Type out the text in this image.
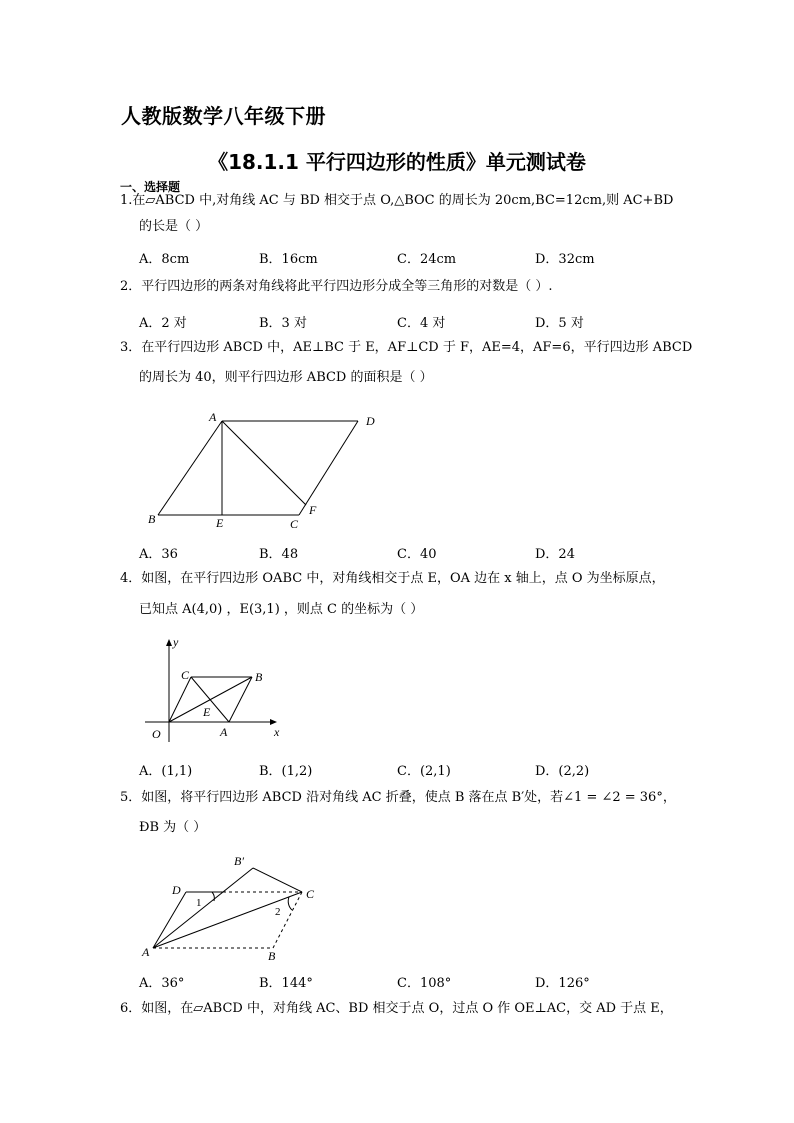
人教版数学八年级下册
《18.1.1 平行四边形的性质》单元测试卷
一、选择题
1.在▱ABCD 中,对角线 AC 与 BD 相交于点 O,△BOC 的周长为 20cm,BC=12cm,则 AC+BD
的长是（ ）
A．8cm	B．16cm	C．24cm	D．32cm
2．平行四边形的两条对角线将此平行四边形分成全等三角形的对数是（ ）.
A．2 对	B．3 对	C．4 对	D．5 对
3．在平行四边形 ABCD 中，AE⊥BC 于 E，AF⊥CD 于 F，AE=4，AF=6，平行四边形 ABCD
的周长为 40，则平行四边形 ABCD 的面积是（ ）
A	D
B	E	C
F
A．36	B．48	C．40	D．24
4．如图，在平行四边形 OABC 中，对角线相交于点 E，OA 边在 x 轴上，点 O 为坐标原点，
已知点 A(4,0) ，E(3,1) ，则点 C 的坐标为（ ）
y
C	B
E
O	A	x
A．(1,1)	B．(1,2)	C．(2,1)	D．(2,2)
5．如图，将平行四边形 ABCD 沿对角线 AC 折叠，使点 B 落在点 B′处，若∠1 = ∠2 = 36°，
ÐB 为（ ）
B′
D	C
1
2
A	B
A．36°	B．144°	C．108°	D．126°
6．如图，在▱ABCD 中，对角线 AC、BD 相交于点 O，过点 O 作 OE⊥AC，交 AD 于点 E，
